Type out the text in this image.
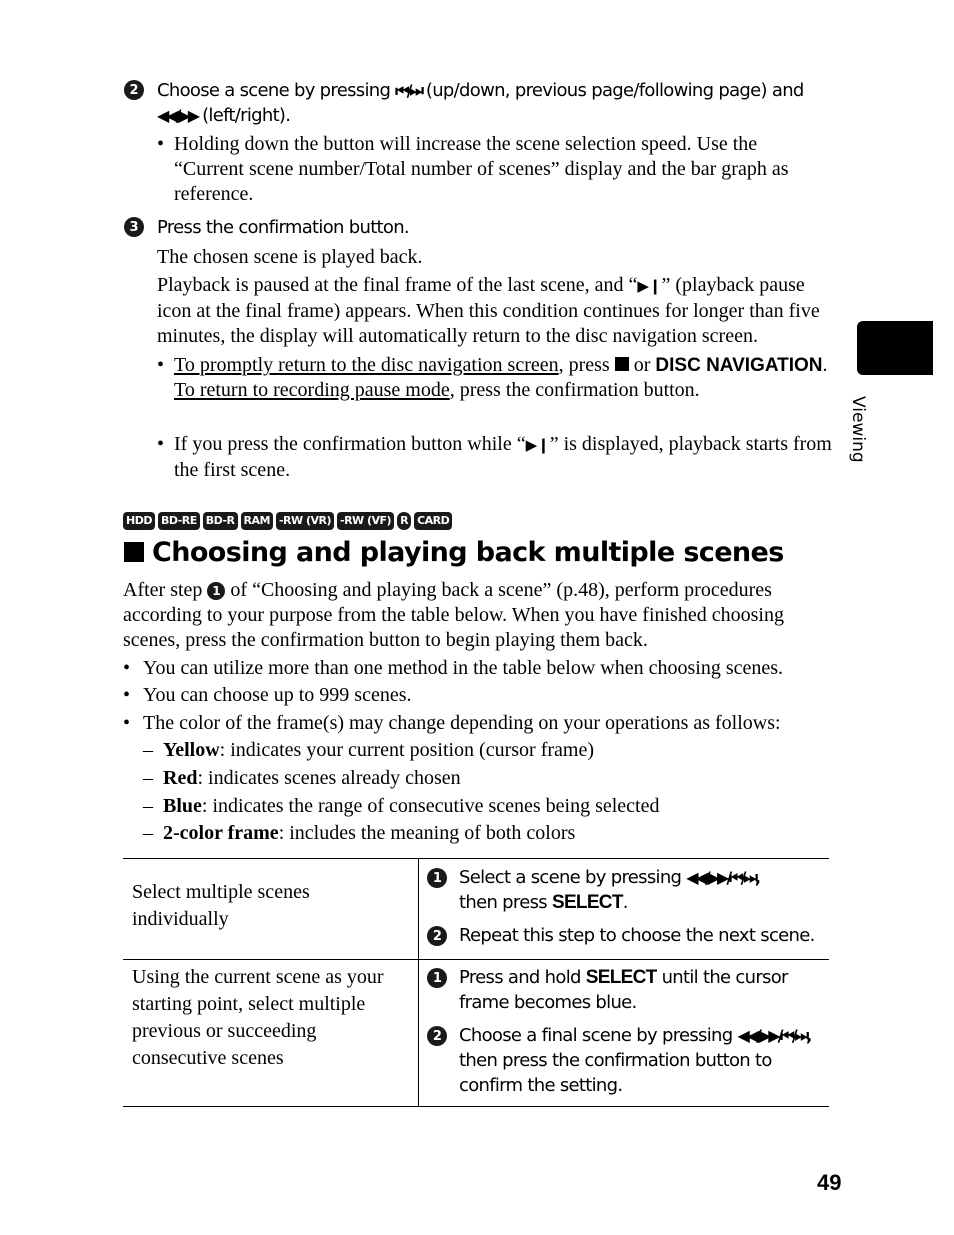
2	Choose a scene by pressing ⏮/⏭ (up/down, previous page/following page) and
◀◀/▶▶ (left/right).
• Holding down the button will increase the scene selection speed. Use the “Current scene number/Total number of scenes” display and the bar graph as reference.
3	Press the confirmation button.
The chosen scene is played back.
Playback is paused at the final frame of the last scene, and “▶❙” (playback pause icon at the final frame) appears. When this condition continues for longer than five minutes, the display will automatically return to the disc navigation screen.
• To promptly return to the disc navigation screen, press or DISC NAVIGATION.
To return to recording pause mode, press the confirmation button.
• If you press the confirmation button while “▶❙” is displayed, playback starts from the first scene.
HDD BD-RE BD-R RAM -RW (VR) -RW (VF) R CARD
Choosing and playing back multiple scenes
After step 1 of “Choosing and playing back a scene” (p.48), perform procedures according to your purpose from the table below. When you have finished choosing scenes, press the confirmation button to begin playing them back.
• You can utilize more than one method in the table below when choosing scenes.
• You can choose up to 999 scenes.
• The color of the frame(s) may change depending on your operations as follows:
–  Yellow: indicates your current position (cursor frame)
–  Red: indicates scenes already chosen
–  Blue: indicates the range of consecutive scenes being selected
–  2-color frame: includes the meaning of both colors
Select multiple scenes individually	1 Select a scene by pressing ◀◀/▶▶/⏮/⏭,
then press SELECT.
2 Repeat this step to choose the next scene.

Using the current scene as your starting point, select multiple previous or succeeding consecutive scenes	1 Press and hold SELECT until the cursor frame becomes blue.
2 Choose a final scene by pressing ◀◀/▶▶/⏮/⏭, then press the confirmation button to confirm the setting.
Viewing
49
